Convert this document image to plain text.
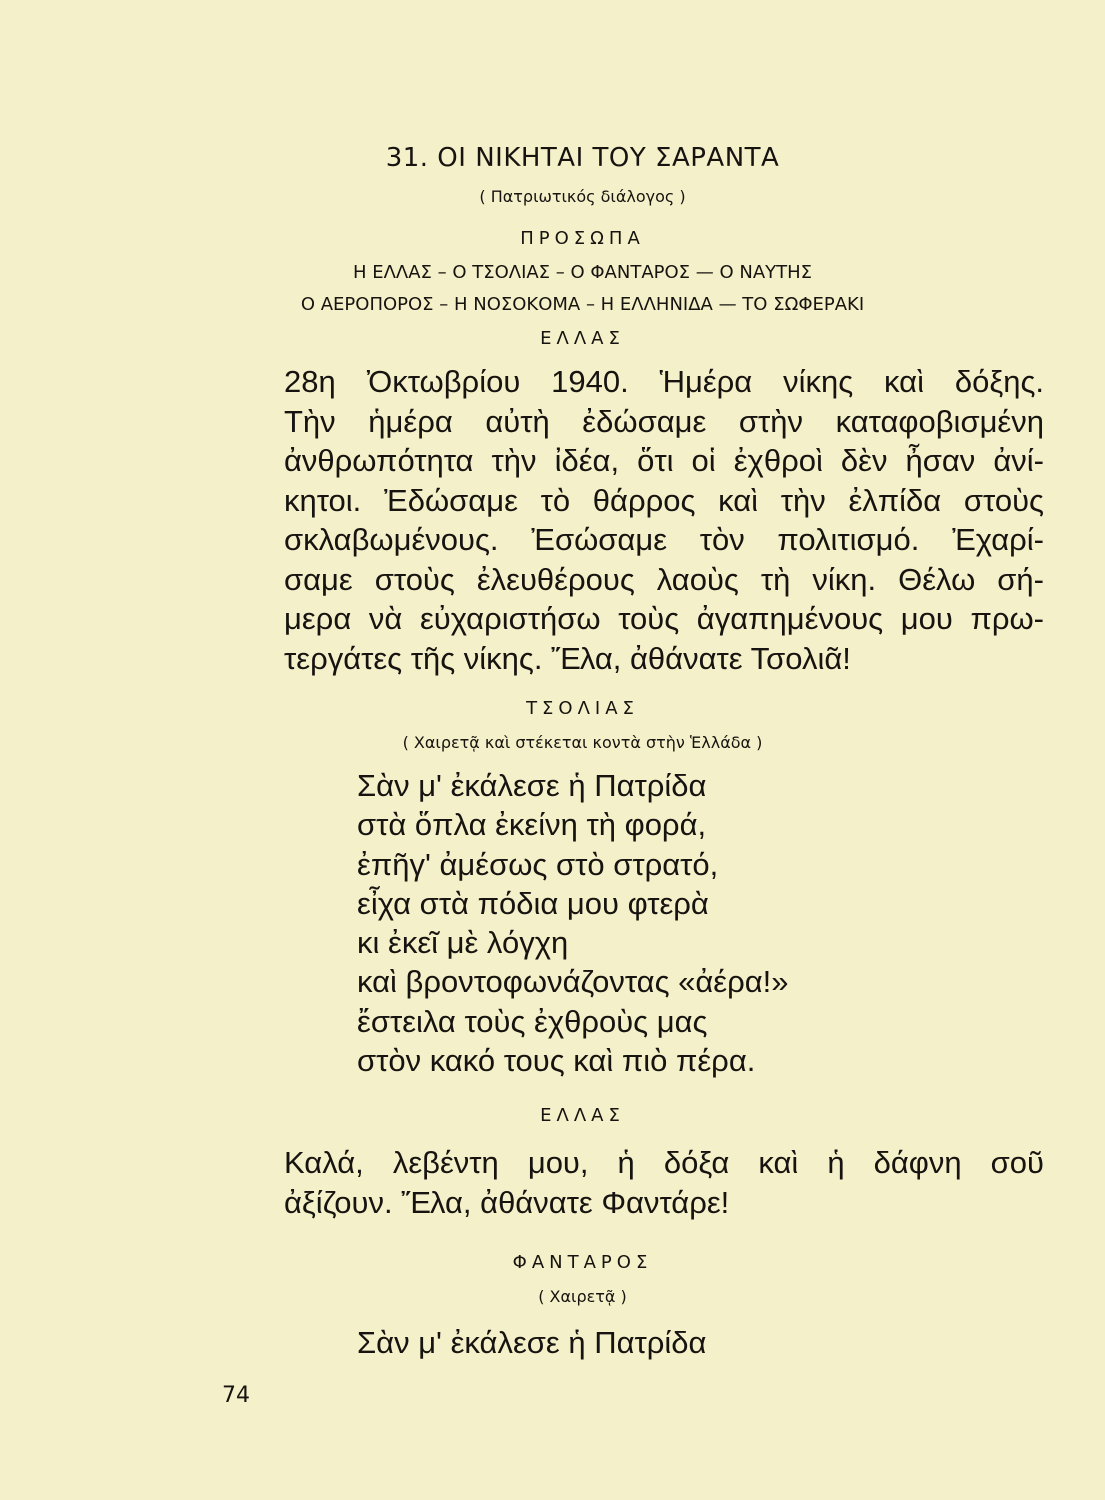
31. ΟΙ ΝΙΚΗΤΑΙ ΤΟΥ ΣΑΡΑΝΤΑ
( Πατριωτικός διάλογος )
ΠΡΟΣΩΠΑ
Η ΕΛΛΑΣ – Ο ΤΣΟΛΙΑΣ – Ο ΦΑΝΤΑΡΟΣ — Ο ΝΑΥΤΗΣ
Ο ΑΕΡΟΠΟΡΟΣ – Η ΝΟΣΟΚΟΜΑ – Η ΕΛΛΗΝΙΔΑ — ΤΟ ΣΩΦΕΡΑΚΙ
ΕΛΛΑΣ
28η Ὀκτωβρίου 1940. Ἡμέρα νίκης καὶ δόξης.
Τὴν ἡμέρα αὐτὴ ἐδώσαμε στὴν καταφοβισμένη
ἀνθρωπότητα τὴν ἰδέα, ὅτι οἱ ἐχθροὶ δὲν ἦσαν ἀνί-
κητοι. Ἐδώσαμε τὸ θάρρος καὶ τὴν ἐλπίδα στοὺς
σκλαβωμένους. Ἐσώσαμε τὸν πολιτισμό. Ἐχαρί-
σαμε στοὺς ἐλευθέρους λαοὺς τὴ νίκη. Θέλω σή-
μερα νὰ εὐχαριστήσω τοὺς ἀγαπημένους μου πρω-
τεργάτες τῆς νίκης. Ἔλα, ἀθάνατε Τσολιᾶ!
ΤΣΟΛΙΑΣ
( Χαιρετᾷ καὶ στέκεται κοντὰ στὴν Ἑλλάδα )
Σὰν μ' ἐκάλεσε ἡ Πατρίδα
στὰ ὅπλα ἐκείνη τὴ φορά,
ἐπῆγ' ἀμέσως στὸ στρατό,
εἶχα στὰ πόδια μου φτερὰ
κι ἐκεῖ μὲ λόγχη
καὶ βροντοφωνάζοντας «ἀέρα!»
ἔστειλα τοὺς ἐχθροὺς μας
στὸν κακό τους καὶ πιὸ πέρα.
ΕΛΛΑΣ
Καλά, λεβέντη μου, ἡ δόξα καὶ ἡ δάφνη σοῦ
ἀξίζουν. Ἔλα, ἀθάνατε Φαντάρε!
ΦΑΝΤΑΡΟΣ
( Χαιρετᾷ )
Σὰν μ' ἐκάλεσε ἡ Πατρίδα
74
